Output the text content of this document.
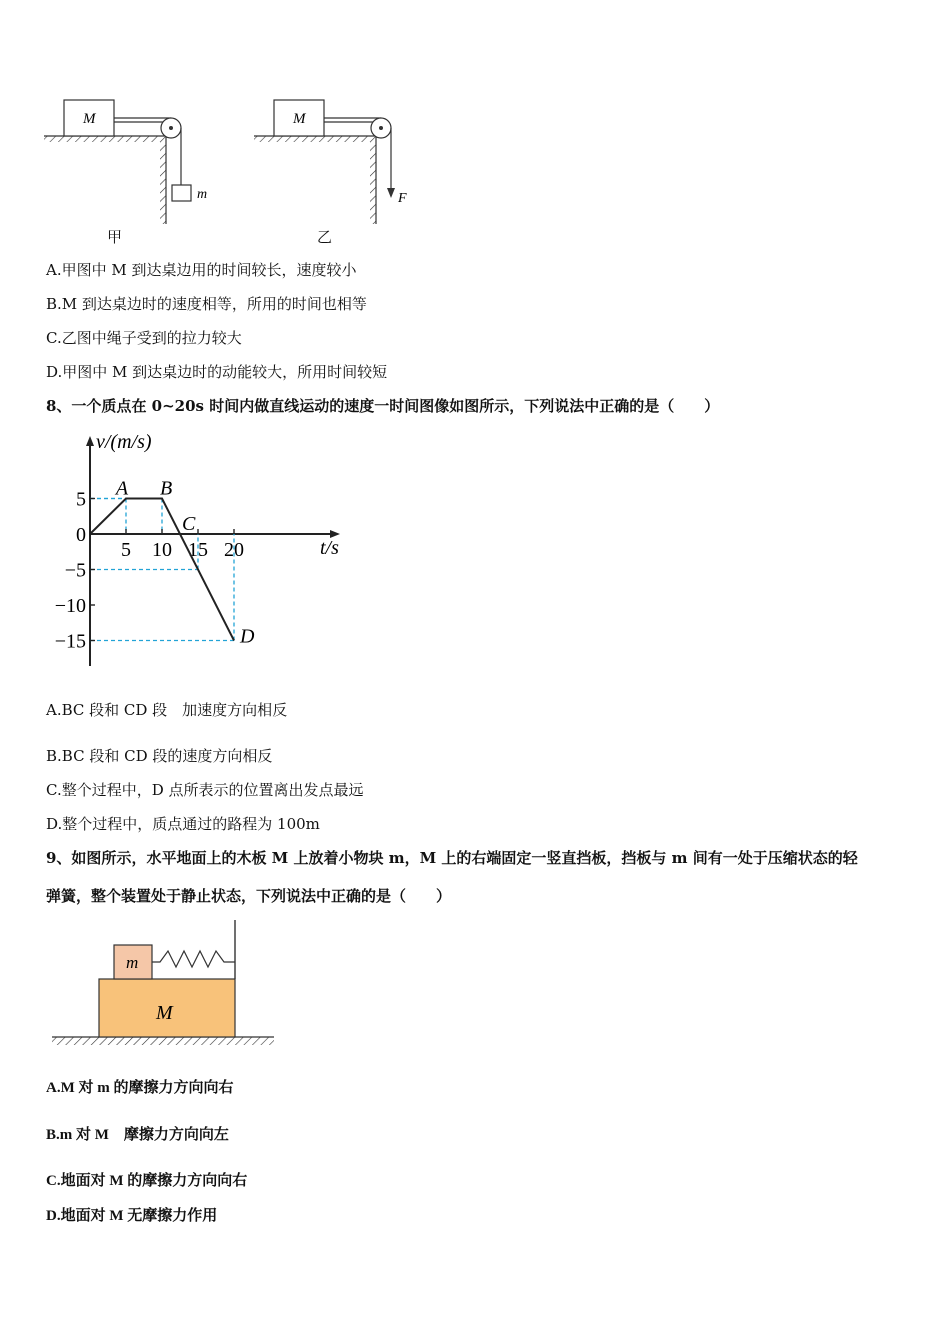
M
m
甲
M
F
乙
A.甲图中 M 到达桌边用的时间较长，速度较小
B.M 到达桌边时的速度相等，所用的时间也相等
C.乙图中绳子受到的拉力较大
D.甲图中 M 到达桌边时的动能较大，所用时间较短
8、一个质点在 0~20s 时间内做直线运动的速度一时间图像如图所示，下列说法中正确的是（　　）
v/(m/s)
t/s
5 10 15 20
5
0
−5
−10
−15
A B
C
D
A.BC 段和 CD 段　加速度方向相反
B.BC 段和 CD 段的速度方向相反
C.整个过程中，D 点所表示的位置离出发点最远
D.整个过程中，质点通过的路程为 100m
9、如图所示，水平地面上的木板 M 上放着小物块 m，M 上的右端固定一竖直挡板，挡板与 m 间有一处于压缩状态的轻
弹簧，整个装置处于静止状态，下列说法中正确的是（　　）
M
m
A.M 对 m 的摩擦力方向向右
B.m 对 M　摩擦力方向向左
C.地面对 M 的摩擦力方向向右
D.地面对 M 无摩擦力作用
